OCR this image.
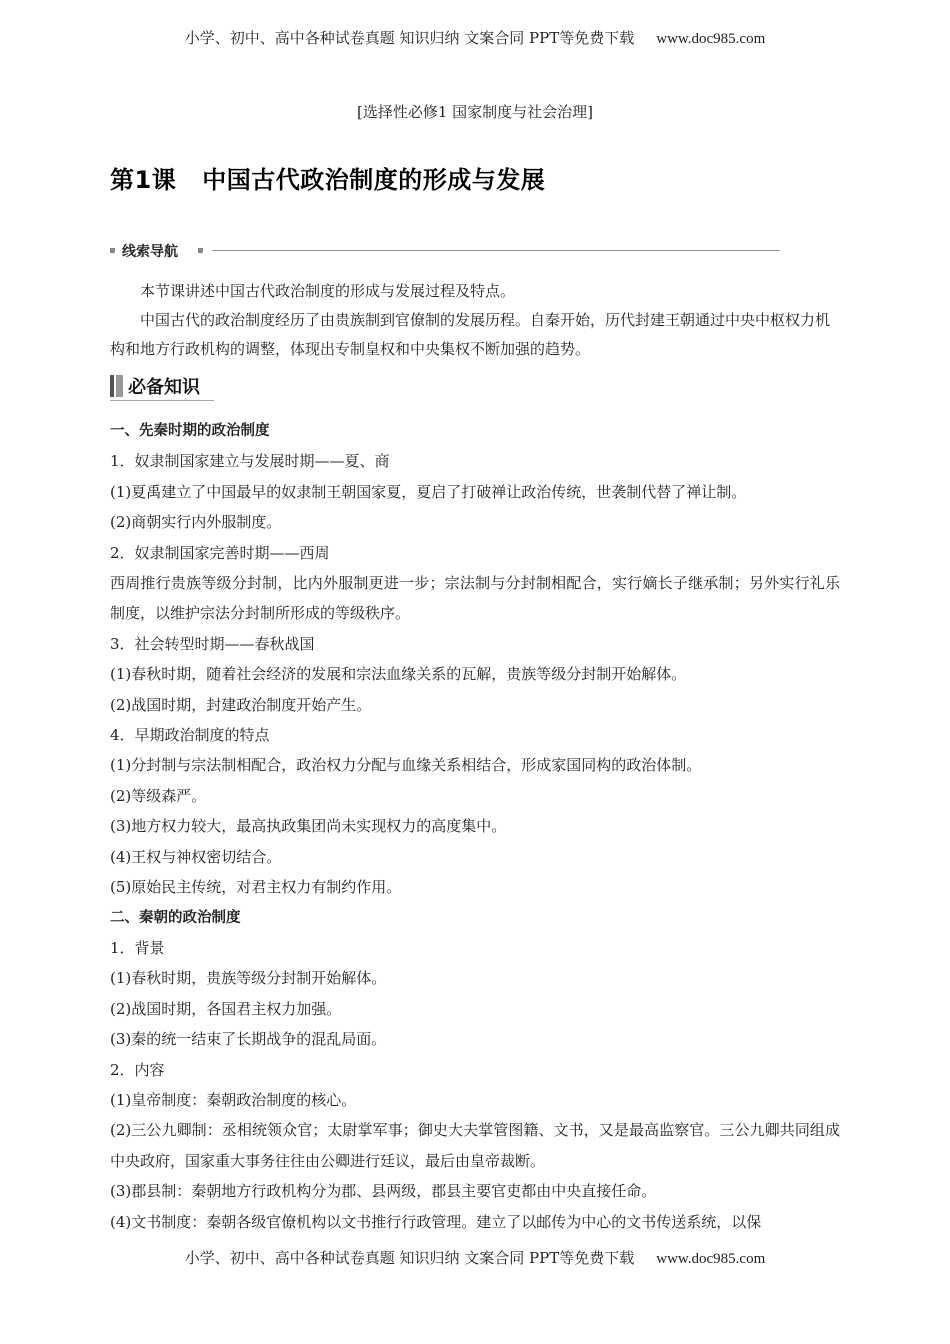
小学、初中、高中各种试卷真题 知识归纳 文案合同 PPT等免费下载 www.doc985.com
[选择性必修1 国家制度与社会治理]
第1课 中国古代政治制度的形成与发展
线索导航

本节课讲述中国古代政治制度的形成与发展过程及特点。

中国古代的政治制度经历了由贵族制到官僚制的发展历程。自秦开始，历代封建王朝通过中央中枢权力机构和地方行政机构的调整，体现出专制皇权和中央集权不断加强的趋势。

必备知识

一、先秦时期的政治制度

1．奴隶制国家建立与发展时期——夏、商

(1)夏禹建立了中国最早的奴隶制王朝国家夏，夏启了打破禅让政治传统，世袭制代替了禅让制。

(2)商朝实行内外服制度。

2．奴隶制国家完善时期——西周

西周推行贵族等级分封制，比内外服制更进一步；宗法制与分封制相配合，实行嫡长子继承制；另外实行礼乐制度，以维护宗法分封制所形成的等级秩序。

3．社会转型时期——春秋战国

(1)春秋时期，随着社会经济的发展和宗法血缘关系的瓦解，贵族等级分封制开始解体。

(2)战国时期，封建政治制度开始产生。

4．早期政治制度的特点

(1)分封制与宗法制相配合，政治权力分配与血缘关系相结合，形成家国同构的政治体制。

(2)等级森严。

(3)地方权力较大，最高执政集团尚未实现权力的高度集中。

(4)王权与神权密切结合。

(5)原始民主传统，对君主权力有制约作用。

二、秦朝的政治制度

1．背景

(1)春秋时期，贵族等级分封制开始解体。

(2)战国时期，各国君主权力加强。

(3)秦的统一结束了长期战争的混乱局面。

2．内容

(1)皇帝制度：秦朝政治制度的核心。

(2)三公九卿制：丞相统领众官；太尉掌军事；御史大夫掌管图籍、文书，又是最高监察官。三公九卿共同组成中央政府，国家重大事务往往由公卿进行廷议，最后由皇帝裁断。

(3)郡县制：秦朝地方行政机构分为郡、县两级，郡县主要官吏都由中央直接任命。

(4)文书制度：秦朝各级官僚机构以文书推行行政管理。建立了以邮传为中心的文书传送系统，以保

小学、初中、高中各种试卷真题 知识归纳 文案合同 PPT等免费下载 www.doc985.com
